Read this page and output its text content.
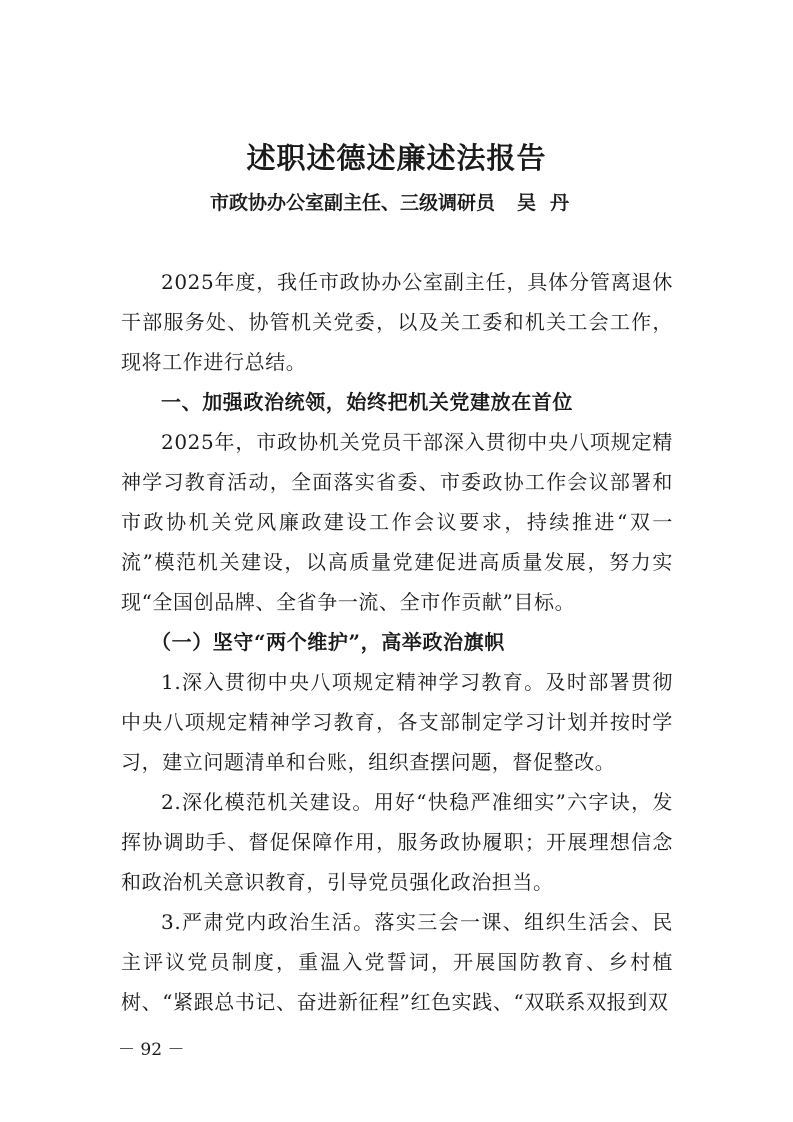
述职述德述廉述法报告
市政协办公室副主任、三级调研员 吴丹

2025年度，我任市政协办公室副主任，具体分管离退休干部服务处、协管机关党委，以及关工委和机关工会工作，现将工作进行总结。

一、加强政治统领，始终把机关党建放在首位

2025年，市政协机关党员干部深入贯彻中央八项规定精神学习教育活动，全面落实省委、市委政协工作会议部署和市政协机关党风廉政建设工作会议要求，持续推进“双一流”模范机关建设，以高质量党建促进高质量发展，努力实现“全国创品牌、全省争一流、全市作贡献”目标。

（一）坚守“两个维护”，高举政治旗帜

1.深入贯彻中央八项规定精神学习教育。及时部署贯彻中央八项规定精神学习教育，各支部制定学习计划并按时学习，建立问题清单和台账，组织查摆问题，督促整改。

2.深化模范机关建设。用好“快稳严准细实”六字诀，发挥协调助手、督促保障作用，服务政协履职；开展理想信念和政治机关意识教育，引导党员强化政治担当。

3.严肃党内政治生活。落实三会一课、组织生活会、民主评议党员制度，重温入党誓词，开展国防教育、乡村植树、“紧跟总书记、奋进新征程”红色实践、“双联系双报到双

－ 92 －
